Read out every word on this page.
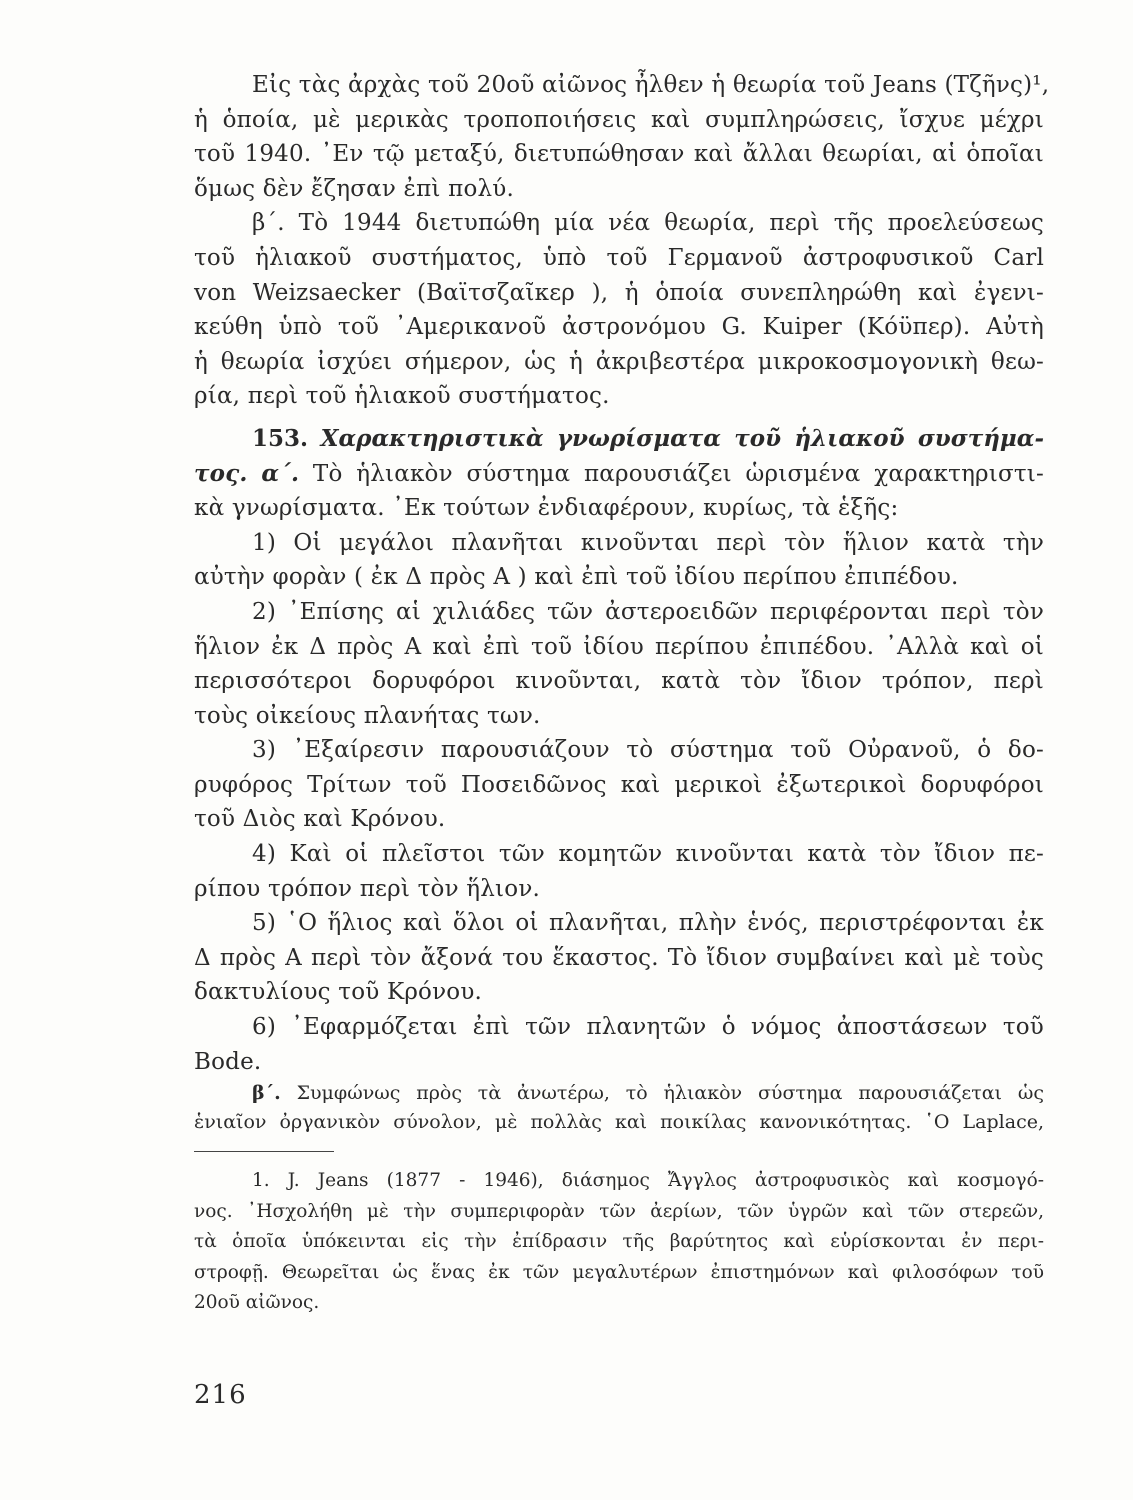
Εἰς τὰς ἀρχὰς τοῦ 20οῦ αἰῶνος ἦλθεν ἡ θεωρία τοῦ Jeans (Τζῆνς)¹,
ἡ ὁποία, μὲ μερικὰς τροποποιήσεις καὶ συμπληρώσεις, ἴσχυε μέχρι
τοῦ 1940. ᾿Εν τῷ μεταξύ, διετυπώθησαν καὶ ἄλλαι θεωρίαι, αἱ ὁποῖαι
ὅμως δὲν ἔζησαν ἐπὶ πολύ.
β΄. Τὸ 1944 διετυπώθη μία νέα θεωρία, περὶ τῆς προελεύσεως
τοῦ ἡλιακοῦ συστήματος, ὑπὸ τοῦ Γερμανοῦ ἀστροφυσικοῦ Carl
von Weizsaecker (Βαϊτσζαῖκερ ), ἡ ὁποία συνεπληρώθη καὶ ἐγενι-
κεύθη ὑπὸ τοῦ ᾿Αμερικανοῦ ἀστρονόμου G. Kuiper (Κόϋπερ). Αὐτὴ
ἡ θεωρία ἰσχύει σήμερον, ὡς ἡ ἀκριβεστέρα μικροκοσμογονικὴ θεω-
ρία, περὶ τοῦ ἡλιακοῦ συστήματος.
153. Χαρακτηριστικὰ γνωρίσματα τοῦ ἡλιακοῦ συστήμα-
τος. α΄. Τὸ ἡλιακὸν σύστημα παρουσιάζει ὡρισμένα χαρακτηριστι-
κὰ γνωρίσματα. ᾿Εκ τούτων ἐνδιαφέρουν, κυρίως, τὰ ἑξῆς:
1) Οἱ μεγάλοι πλανῆται κινοῦνται περὶ τὸν ἥλιον κατὰ τὴν
αὐτὴν φορὰν ( ἐκ Δ πρὸς Α ) καὶ ἐπὶ τοῦ ἰδίου περίπου ἐπιπέδου.
2) ᾿Επίσης αἱ χιλιάδες τῶν ἀστεροειδῶν περιφέρονται περὶ τὸν
ἥλιον ἐκ Δ πρὸς Α καὶ ἐπὶ τοῦ ἰδίου περίπου ἐπιπέδου. ᾿Αλλὰ καὶ οἱ
περισσότεροι δορυφόροι κινοῦνται, κατὰ τὸν ἴδιον τρόπον, περὶ
τοὺς οἰκείους πλανήτας των.
3) ᾿Εξαίρεσιν παρουσιάζουν τὸ σύστημα τοῦ Οὐρανοῦ, ὁ δο-
ρυφόρος Τρίτων τοῦ Ποσειδῶνος καὶ μερικοὶ ἐξωτερικοὶ δορυφόροι
τοῦ Διὸς καὶ Κρόνου.
4) Καὶ οἱ πλεῖστοι τῶν κομητῶν κινοῦνται κατὰ τὸν ἴδιον πε-
ρίπου τρόπον περὶ τὸν ἥλιον.
5) ῾Ο ἥλιος καὶ ὅλοι οἱ πλανῆται, πλὴν ἑνός, περιστρέφονται ἐκ
Δ πρὸς Α περὶ τὸν ἄξονά του ἕκαστος. Τὸ ἴδιον συμβαίνει καὶ μὲ τοὺς
δακτυλίους τοῦ Κρόνου.
6) ᾿Εφαρμόζεται ἐπὶ τῶν πλανητῶν ὁ νόμος ἀποστάσεων τοῦ
Bode.
β΄. Συμφώνως πρὸς τὰ ἀνωτέρω, τὸ ἡλιακὸν σύστημα παρουσιάζεται ὡς
ἑνιαῖον ὀργανικὸν σύνολον, μὲ πολλὰς καὶ ποικίλας κανονικότητας. ῾Ο Laplace,
1. J. Jeans (1877 - 1946), διάσημος Ἄγγλος ἀστροφυσικὸς καὶ κοσμογό-
νος. ᾿Ησχολήθη μὲ τὴν συμπεριφορὰν τῶν ἀερίων, τῶν ὑγρῶν καὶ τῶν στερεῶν,
τὰ ὁποῖα ὑπόκεινται εἰς τὴν ἐπίδρασιν τῆς βαρύτητος καὶ εὑρίσκονται ἐν περι-
στροφῇ. Θεωρεῖται ὡς ἕνας ἐκ τῶν μεγαλυτέρων ἐπιστημόνων καὶ φιλοσόφων τοῦ
20οῦ αἰῶνος.
216
